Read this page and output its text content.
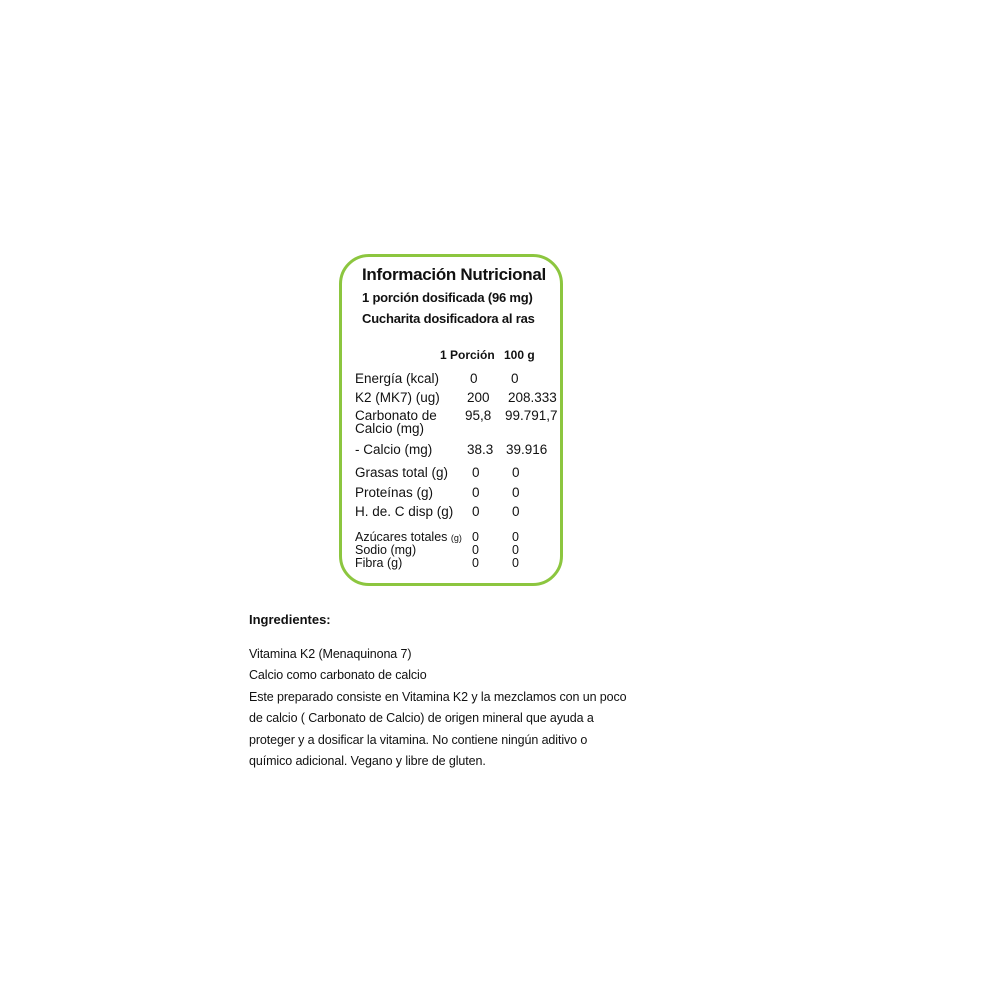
Información Nutricional
1 porción dosificada (96 mg)
Cucharita dosificadora al ras
1 Porción 100 g
Energía (kcal) 0 0
K2 (MK7) (ug) 200 208.333
Carbonato de Calcio (mg)
95,8 99.791,7
- Calcio (mg)	38.3 39.916
Grasas total (g) 0 0
Proteínas (g)	0 0
H. de. C disp (g) 0 0
Azúcares totales (g) 0	0
Sodio (mg)	0	0
Fibra (g)	0	0
Ingredientes:
Vitamina K2 (Menaquinona 7)
Calcio como carbonato de calcio
Este preparado consiste en Vitamina K2 y la mezclamos con un poco
de calcio ( Carbonato de Calcio) de origen mineral que ayuda a
proteger y a dosificar la vitamina. No contiene ningún aditivo o
químico adicional. Vegano y libre de gluten.
